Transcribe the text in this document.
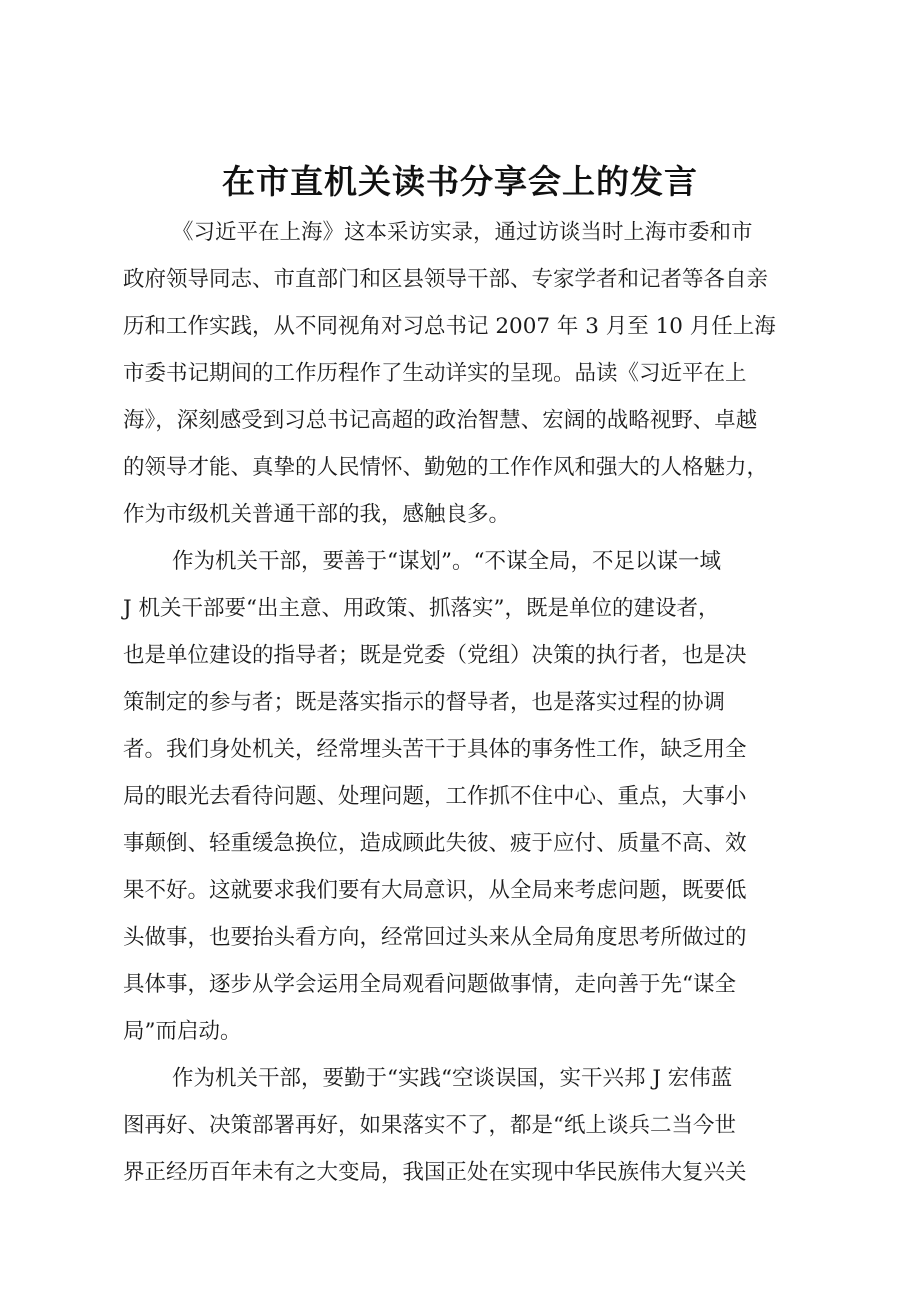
在市直机关读书分享会上的发言

《习近平在上海》这本采访实录，通过访谈当时上海市委和市

政府领导同志、市直部门和区县领导干部、专家学者和记者等各自亲

历和工作实践，从不同视角对习总书记 2007 年 3 月至 10 月任上海

市委书记期间的工作历程作了生动详实的呈现。品读《习近平在上

海》，深刻感受到习总书记高超的政治智慧、宏阔的战略视野、卓越

的领导才能、真挚的人民情怀、勤勉的工作作风和强大的人格魅力，

作为市级机关普通干部的我，感触良多。

作为机关干部，要善于“谋划”。“不谋全局，不足以谋一域

J 机关干部要“出主意、用政策、抓落实”，既是单位的建设者，

也是单位建设的指导者；既是党委（党组）决策的执行者，也是决

策制定的参与者；既是落实指示的督导者，也是落实过程的协调

者。我们身处机关，经常埋头苦干于具体的事务性工作，缺乏用全

局的眼光去看待问题、处理问题，工作抓不住中心、重点，大事小

事颠倒、轻重缓急换位，造成顾此失彼、疲于应付、质量不高、效

果不好。这就要求我们要有大局意识，从全局来考虑问题，既要低

头做事，也要抬头看方向，经常回过头来从全局角度思考所做过的

具体事，逐步从学会运用全局观看问题做事情，走向善于先“谋全

局”而启动。

作为机关干部，要勤于“实践“空谈误国，实干兴邦 J 宏伟蓝

图再好、决策部署再好，如果落实不了，都是“纸上谈兵二当今世

界正经历百年未有之大变局，我国正处在实现中华民族伟大复兴关
